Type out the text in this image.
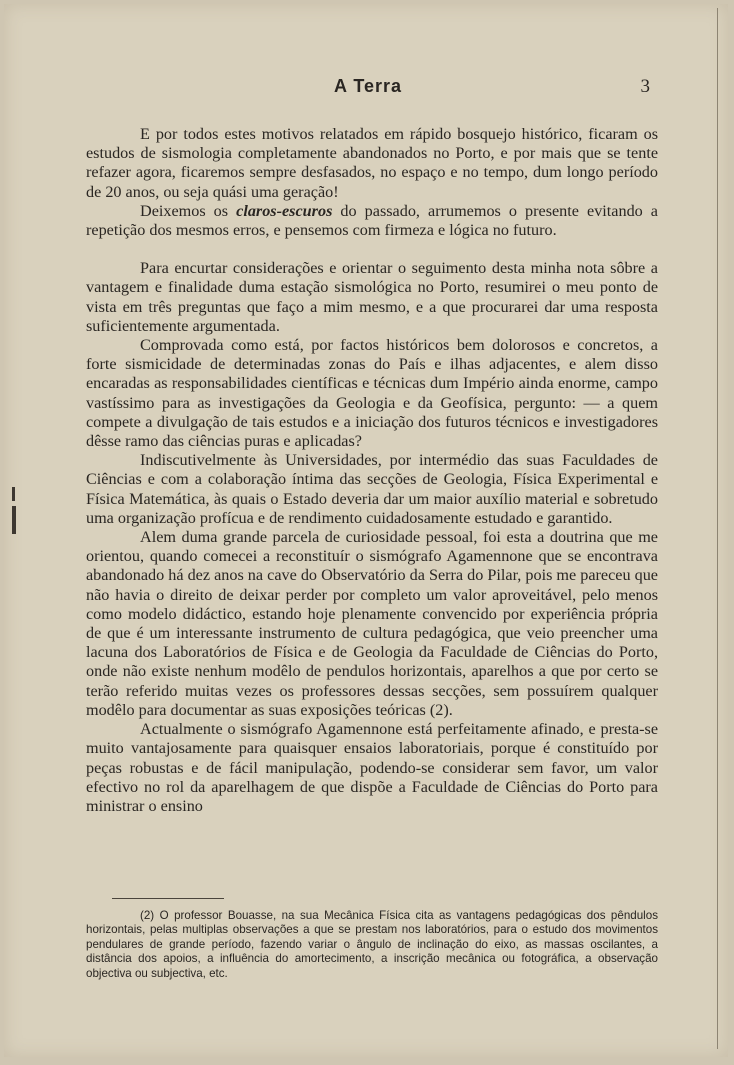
A Terra	3

E por todos estes motivos relatados em rápido bosquejo histórico, ficaram os estudos de sismologia completamente abandonados no Porto, e por mais que se tente refazer agora, ficaremos sempre desfasados, no espaço e no tempo, dum longo período de 20 anos, ou seja quási uma geração!

Deixemos os claros-escuros do passado, arrumemos o presente evitando a repetição dos mesmos erros, e pensemos com firmeza e lógica no futuro.

Para encurtar considerações e orientar o seguimento desta minha nota sôbre a vantagem e finalidade duma estação sismológica no Porto, resumirei o meu ponto de vista em três preguntas que faço a mim mesmo, e a que procurarei dar uma resposta suficientemente argumentada.

Comprovada como está, por factos históricos bem dolorosos e concretos, a forte sismicidade de determinadas zonas do País e ilhas adjacentes, e alem disso encaradas as responsabilidades científicas e técnicas dum Império ainda enorme, campo vastíssimo para as investigações da Geologia e da Geofísica, pergunto: — a quem compete a divulgação de tais estudos e a iniciação dos futuros técnicos e investigadores dêsse ramo das ciências puras e aplicadas?

Indiscutivelmente às Universidades, por intermédio das suas Faculdades de Ciências e com a colaboração íntima das secções de Geologia, Física Experimental e Física Matemática, às quais o Estado deveria dar um maior auxílio material e sobretudo uma organização profícua e de rendimento cuidadosamente estudado e garantido.

Alem duma grande parcela de curiosidade pessoal, foi esta a doutrina que me orientou, quando comecei a reconstituír o sismógrafo Agamennone que se encontrava abandonado há dez anos na cave do Observatório da Serra do Pilar, pois me pareceu que não havia o direito de deixar perder por completo um valor aproveitável, pelo menos como modelo didáctico, estando hoje plenamente convencido por experiência própria de que é um interessante instrumento de cultura pedagógica, que veio preencher uma lacuna dos Laboratórios de Física e de Geologia da Faculdade de Ciências do Porto, onde não existe nenhum modêlo de pendulos horizontais, aparelhos a que por certo se terão referido muitas vezes os professores dessas secções, sem possuírem qualquer modêlo para documentar as suas exposições teóricas (2).

Actualmente o sismógrafo Agamennone está perfeitamente afinado, e presta-se muito vantajosamente para quaisquer ensaios laboratoriais, porque é constituído por peças robustas e de fácil manipulação, podendo-se considerar sem favor, um valor efectivo no rol da aparelhagem de que dispõe a Faculdade de Ciências do Porto para ministrar o ensino

(2) O professor Bouasse, na sua Mecânica Física cita as vantagens pedagógicas dos pêndulos horizontais, pelas multiplas observações a que se prestam nos laboratórios, para o estudo dos movimentos pendulares de grande período, fazendo variar o ângulo de inclinação do eixo, as massas oscilantes, a distância dos apoios, a influência do amortecimento, a inscrição mecânica ou fotográfica, a observação objectiva ou subjectiva, etc.
